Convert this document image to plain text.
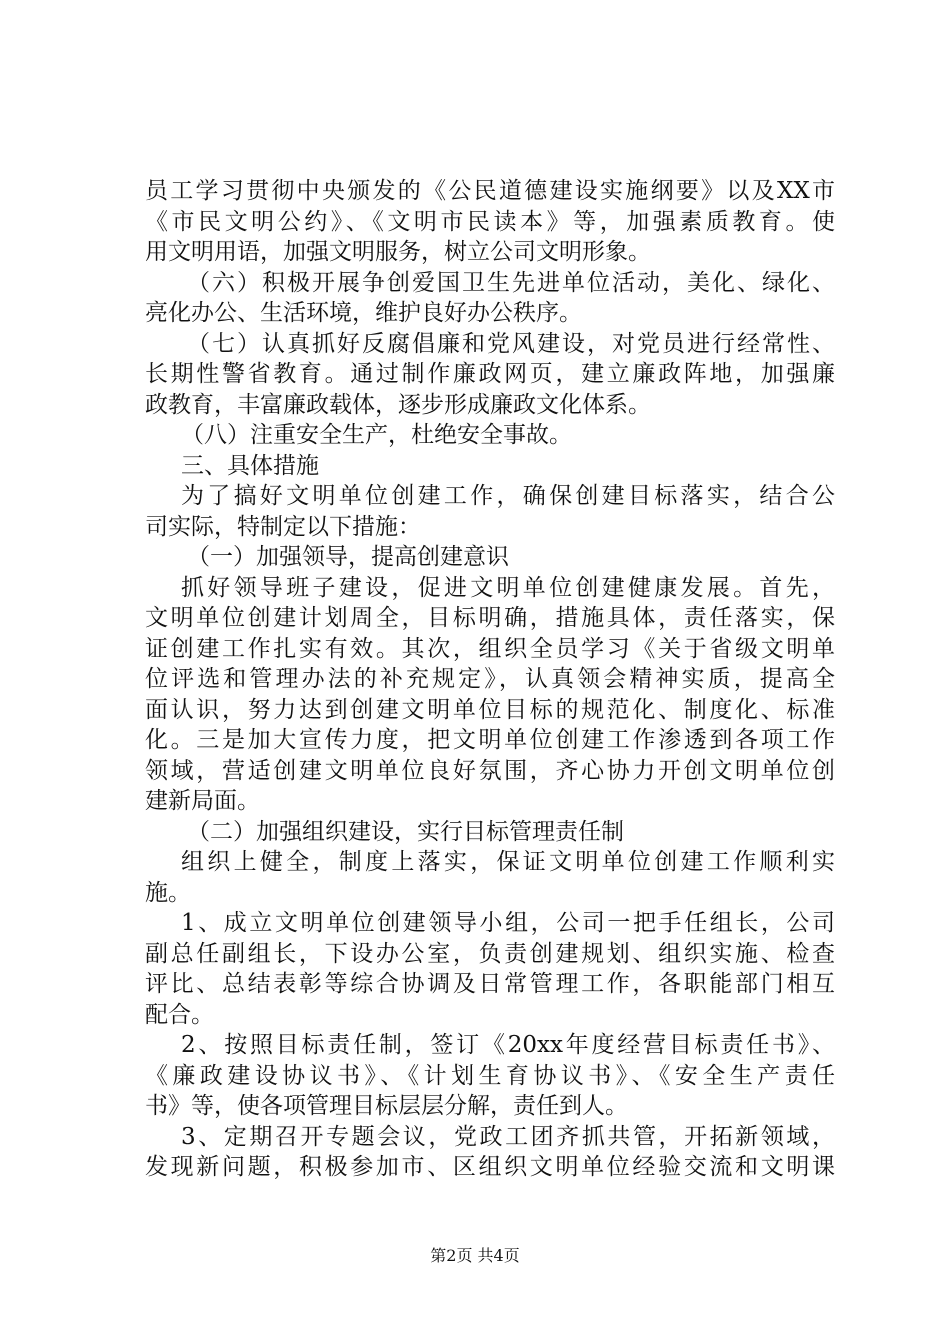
员工学习贯彻中央颁发的《公民道德建设实施纲要》以及XX市
《市民文明公约》、《文明市民读本》等，加强素质教育。使
用文明用语，加强文明服务，树立公司文明形象。
（六）积极开展争创爱国卫生先进单位活动，美化、绿化、
亮化办公、生活环境，维护良好办公秩序。
（七）认真抓好反腐倡廉和党风建设，对党员进行经常性、
长期性警省教育。通过制作廉政网页，建立廉政阵地，加强廉
政教育，丰富廉政载体，逐步形成廉政文化体系。
（八）注重安全生产，杜绝安全事故。
三、具体措施
为了搞好文明单位创建工作，确保创建目标落实，结合公
司实际，特制定以下措施：
（一）加强领导，提高创建意识
抓好领导班子建设，促进文明单位创建健康发展。首先，
文明单位创建计划周全，目标明确，措施具体，责任落实，保
证创建工作扎实有效。其次，组织全员学习《关于省级文明单
位评选和管理办法的补充规定》，认真领会精神实质，提高全
面认识，努力达到创建文明单位目标的规范化、制度化、标准
化。三是加大宣传力度，把文明单位创建工作渗透到各项工作
领域，营适创建文明单位良好氛围，齐心协力开创文明单位创
建新局面。
（二）加强组织建设，实行目标管理责任制
组织上健全，制度上落实，保证文明单位创建工作顺利实
施。
1、成立文明单位创建领导小组，公司一把手任组长，公司
副总任副组长，下设办公室，负责创建规划、组织实施、检查
评比、总结表彰等综合协调及日常管理工作，各职能部门相互
配合。
2、按照目标责任制，签订《20xx年度经营目标责任书》、
《廉政建设协议书》、《计划生育协议书》、《安全生产责任
书》等，使各项管理目标层层分解，责任到人。
3、定期召开专题会议，党政工团齐抓共管，开拓新领域，
发现新问题，积极参加市、区组织文明单位经验交流和文明课
第2页 共4页
